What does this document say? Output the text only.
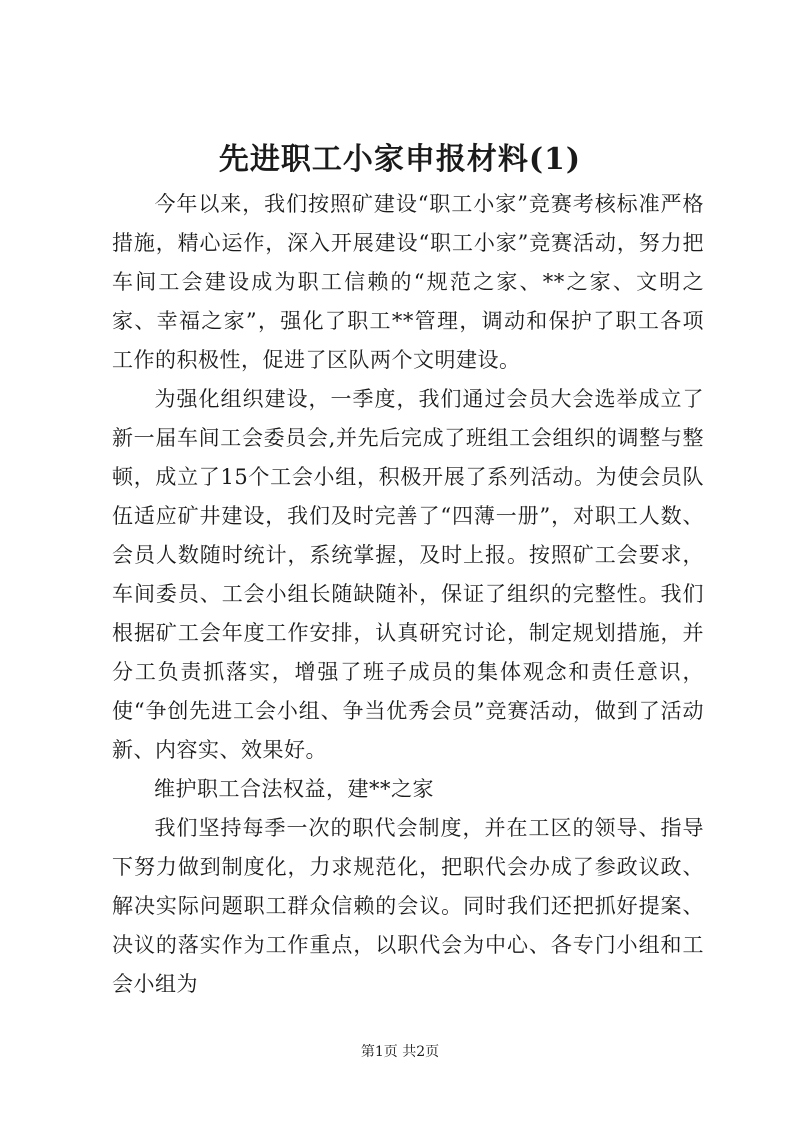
先进职工小家申报材料(1)

今年以来，我们按照矿建设“职工小家”竞赛考核标准严格措施，精心运作，深入开展建设“职工小家”竞赛活动，努力把车间工会建设成为职工信赖的“规范之家、**之家、文明之家、幸福之家”，强化了职工**管理，调动和保护了职工各项工作的积极性，促进了区队两个文明建设。

为强化组织建设，一季度，我们通过会员大会选举成立了新一届车间工会委员会,并先后完成了班组工会组织的调整与整顿，成立了15个工会小组，积极开展了系列活动。为使会员队伍适应矿井建设，我们及时完善了“四薄一册”，对职工人数、会员人数随时统计，系统掌握，及时上报。按照矿工会要求，车间委员、工会小组长随缺随补，保证了组织的完整性。我们根据矿工会年度工作安排，认真研究讨论，制定规划措施，并分工负责抓落实，增强了班子成员的集体观念和责任意识，使“争创先进工会小组、争当优秀会员”竞赛活动，做到了活动新、内容实、效果好。

维护职工合法权益，建**之家

我们坚持每季一次的职代会制度，并在工区的领导、指导下努力做到制度化，力求规范化，把职代会办成了参政议政、解决实际问题职工群众信赖的会议。同时我们还把抓好提案、决议的落实作为工作重点，以职代会为中心、各专门小组和工会小组为

第1页 共2页
